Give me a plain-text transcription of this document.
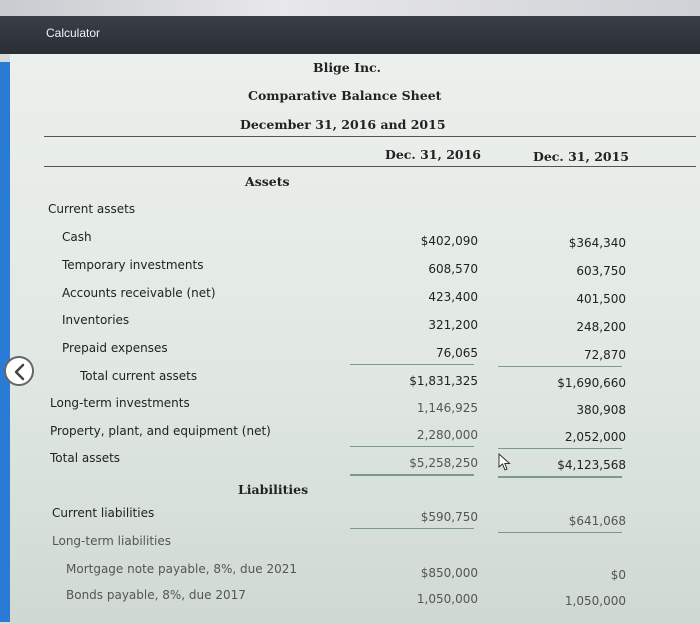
Calculator
Blige Inc.
Comparative Balance Sheet
December 31, 2016 and 2015
Dec. 31, 2016	Dec. 31, 2015
Assets
Current assets
Cash	$402,090	$364,340
Temporary investments	608,570	603,750
Accounts receivable (net)	423,400	401,500
Inventories	321,200	248,200
Prepaid expenses	76,065	72,870
Total current assets	$1,831,325	$1,690,660
Long-term investments	1,146,925	380,908
Property, plant, and equipment (net)	2,280,000	2,052,000
Total assets	$5,258,250	$4,123,568
Liabilities
Current liabilities	$590,750	$641,068
Long-term liabilities
Mortgage note payable, 8%, due 2021	$850,000	$0
Bonds payable, 8%, due 2017	1,050,000	1,050,000
